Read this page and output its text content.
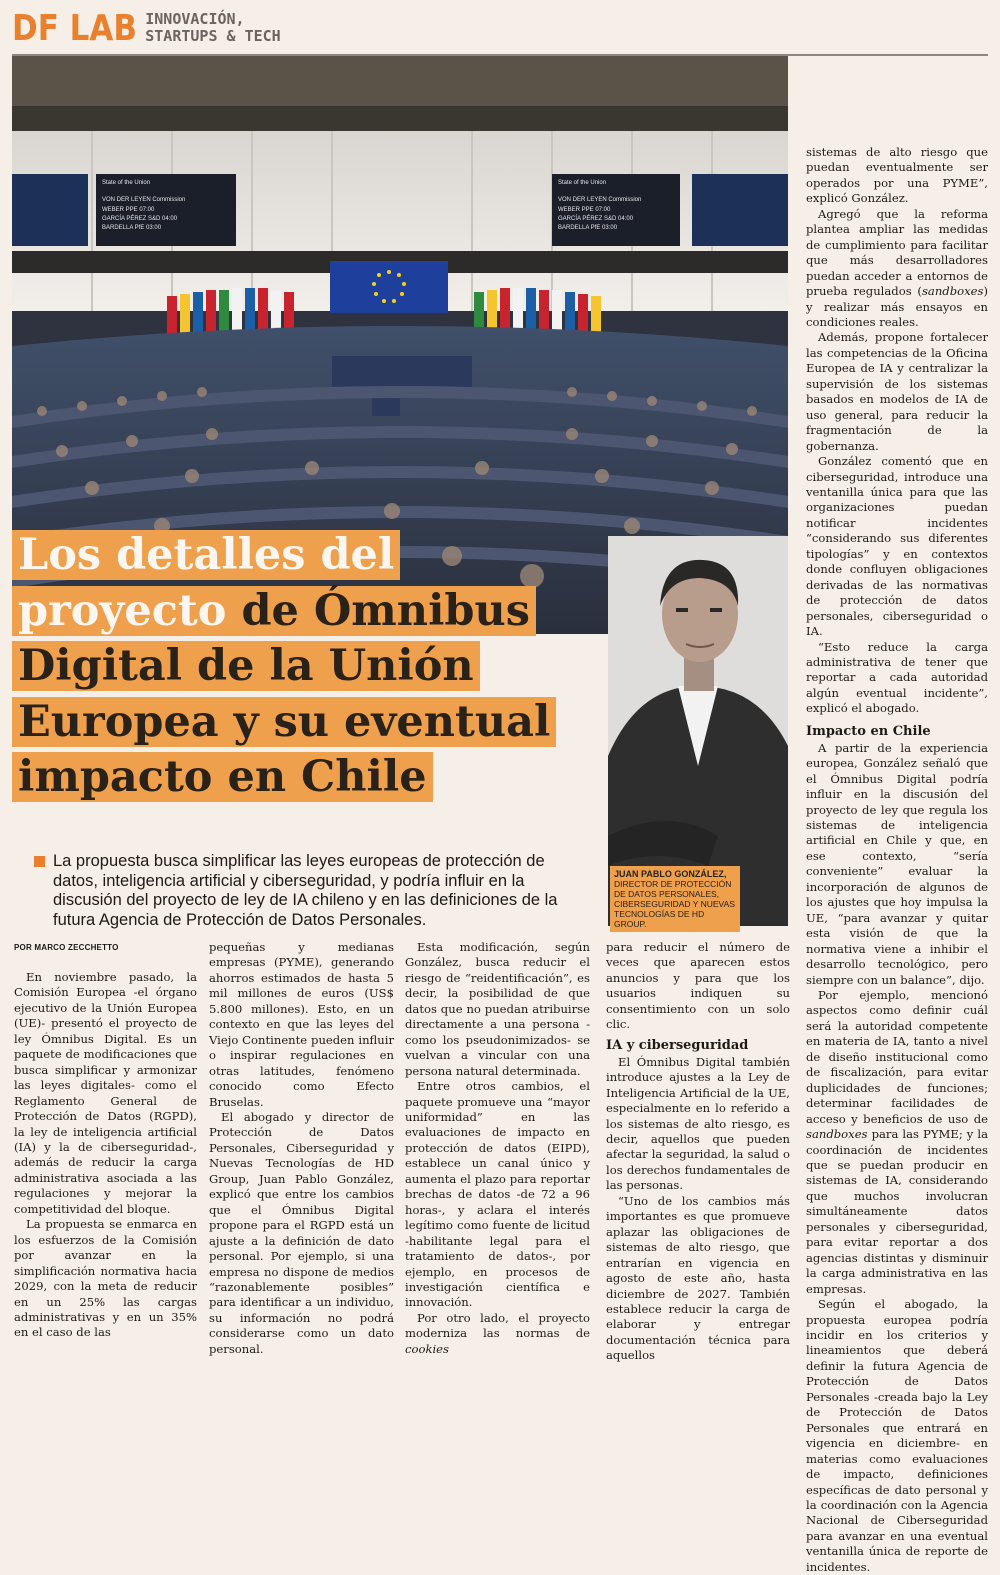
DF LAB INNOVACIÓN,
STARTUPS & TECH
State of the Union
VON DER LEYEN Commission
WEBER PPE 07:00
GARCÍA PÉREZ S&D 04:00
BARDELLA PfE 03:00
State of the Union
VON DER LEYEN Commission
WEBER PPE 07:00
GARCÍA PÉREZ S&D 04:00
BARDELLA PfE 03:00
Los detalles del
proyecto de Ómnibus
Digital de la Unión
Europea y su eventual
impacto en Chile
JUAN PABLO GONZÁLEZ,
DIRECTOR DE PROTECCIÓN DE DATOS PERSONALES, CIBERSEGURIDAD Y NUEVAS TECNOLOGÍAS DE HD GROUP.
La propuesta busca simplificar las leyes europeas de protección de datos, inteligencia artificial y ciberseguridad, y podría influir en la discusión del proyecto de ley de IA chileno y en las definiciones de la futura Agencia de Protección de Datos Personales.
POR MARCO ZECCHETTO

En noviembre pasado, la Comisión Europea -el órgano ejecutivo de la Unión Europea (UE)- presentó el proyecto de ley Ómnibus Digital. Es un paquete de modificaciones que busca simplificar y armonizar las leyes digitales- como el Reglamento General de Protección de Datos (RGPD), la ley de inteligencia artificial (IA) y la de ciberseguridad-, además de reducir la carga administrativa asociada a las regulaciones y mejorar la competitividad del bloque.

La propuesta se enmarca en los esfuerzos de la Comisión por avanzar en la simplificación normativa hacia 2029, con la meta de reducir en un 25% las cargas administrativas y en un 35% en el caso de las

pequeñas y medianas empresas (PYME), generando ahorros estimados de hasta 5 mil millones de euros (US$ 5.800 millones). Esto, en un contexto en que las leyes del Viejo Continente pueden influir o inspirar regulaciones en otras latitudes, fenómeno conocido como Efecto Bruselas.

El abogado y director de Protección de Datos Personales, Ciberseguridad y Nuevas Tecnologías de HD Group, Juan Pablo González, explicó que entre los cambios que el Ómnibus Digital propone para el RGPD está un ajuste a la definición de dato personal. Por ejemplo, si una empresa no dispone de medios “razonablemente posibles” para identificar a un individuo, su información no podrá considerarse como un dato personal.

Esta modificación, según González, busca reducir el riesgo de “reidentificación”, es decir, la posibilidad de que datos que no puedan atribuirse directamente a una persona -como los pseudonimizados- se vuelvan a vincular con una persona natural determinada.

Entre otros cambios, el paquete promueve una “mayor uniformidad” en las evaluaciones de impacto en protección de datos (EIPD), establece un canal único y aumenta el plazo para reportar brechas de datos -de 72 a 96 horas-, y aclara el interés legítimo como fuente de licitud -habilitante legal para el tratamiento de datos-, por ejemplo, en procesos de investigación científica e innovación.

Por otro lado, el proyecto moderniza las normas de cookies

para reducir el número de veces que aparecen estos anuncios y para que los usuarios indiquen su consentimiento con un solo clic.

IA y ciberseguridad

El Ómnibus Digital también introduce ajustes a la Ley de Inteligencia Artificial de la UE, especialmente en lo referido a los sistemas de alto riesgo, es decir, aquellos que pueden afectar la seguridad, la salud o los derechos fundamentales de las personas.

“Uno de los cambios más importantes es que promueve aplazar las obligaciones de sistemas de alto riesgo, que entrarían en vigencia en agosto de este año, hasta diciembre de 2027. También establece reducir la carga de elaborar y entregar documentación técnica para aquellos

sistemas de alto riesgo que puedan eventualmente ser operados por una PYME”, explicó González.

Agregó que la reforma plantea ampliar las medidas de cumplimiento para facilitar que más desarrolladores puedan acceder a entornos de prueba regulados (sandboxes) y realizar más ensayos en condiciones reales.

Además, propone fortalecer las competencias de la Oficina Europea de IA y centralizar la supervisión de los sistemas basados en modelos de IA de uso general, para reducir la fragmentación de la gobernanza.

González comentó que en ciberseguridad, introduce una ventanilla única para que las organizaciones puedan notificar incidentes “considerando sus diferentes tipologías” y en contextos donde confluyen obligaciones derivadas de las normativas de protección de datos personales, ciberseguridad o IA.

“Esto reduce la carga administrativa de tener que reportar a cada autoridad algún eventual incidente”, explicó el abogado.

Impacto en Chile

A partir de la experiencia europea, González señaló que el Ómnibus Digital podría influir en la discusión del proyecto de ley que regula los sistemas de inteligencia artificial en Chile y que, en ese contexto, “sería conveniente” evaluar la incorporación de algunos de los ajustes que hoy impulsa la UE, “para avanzar y quitar esta visión de que la normativa viene a inhibir el desarrollo tecnológico, pero siempre con un balance”, dijo.

Por ejemplo, mencionó aspectos como definir cuál será la autoridad competente en materia de IA, tanto a nivel de diseño institucional como de fiscalización, para evitar duplicidades de funciones; determinar facilidades de acceso y beneficios de uso de sandboxes para las PYME; y la coordinación de incidentes que se puedan producir en sistemas de IA, considerando que muchos involucran simultáneamente datos personales y ciberseguridad, para evitar reportar a dos agencias distintas y disminuir la carga administrativa en las empresas.

Según el abogado, la propuesta europea podría incidir en los criterios y lineamientos que deberá definir la futura Agencia de Protección de Datos Personales -creada bajo la Ley de Protección de Datos Personales que entrará en vigencia en diciembre- en materias como evaluaciones de impacto, definiciones específicas de dato personal y la coordinación con la Agencia Nacional de Ciberseguridad para avanzar en una eventual ventanilla única de reporte de incidentes.
